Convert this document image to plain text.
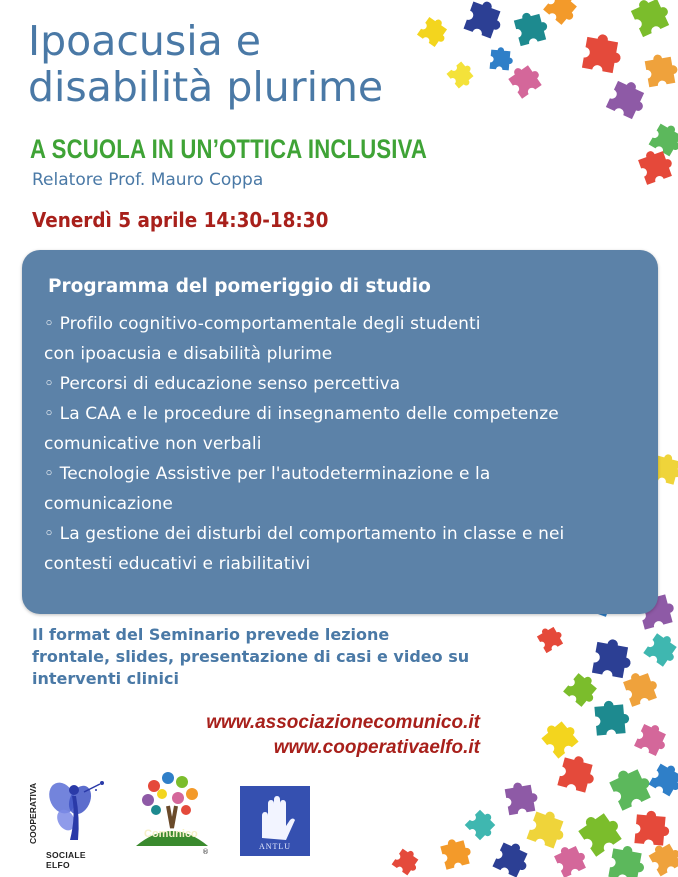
Ipoacusia e
disabilità plurime
A SCUOLA IN UN’OTTICA INCLUSIVA
Relatore Prof. Mauro Coppa
Venerdì 5 aprile 14:30-18:30
Programma del pomeriggio di studio
◦ Profilo cognitivo-comportamentale degli studenti
con ipoacusia e disabilità plurime
◦ Percorsi di educazione senso percettiva
◦ La CAA e le procedure di insegnamento delle competenze
comunicative non verbali
◦ Tecnologie Assistive per l'autodeterminazione e la
comunicazione
◦ La gestione dei disturbi del comportamento in classe e nei
contesti educativi e riabilitativi
Il format del Seminario prevede lezione
frontale, slides, presentazione di casi e video su
interventi clinici
www.associazionecomunico.it
www.cooperativaelfo.it
COOPERATIVA
SOCIALE ELFO
Comunico
®
ANTLU
